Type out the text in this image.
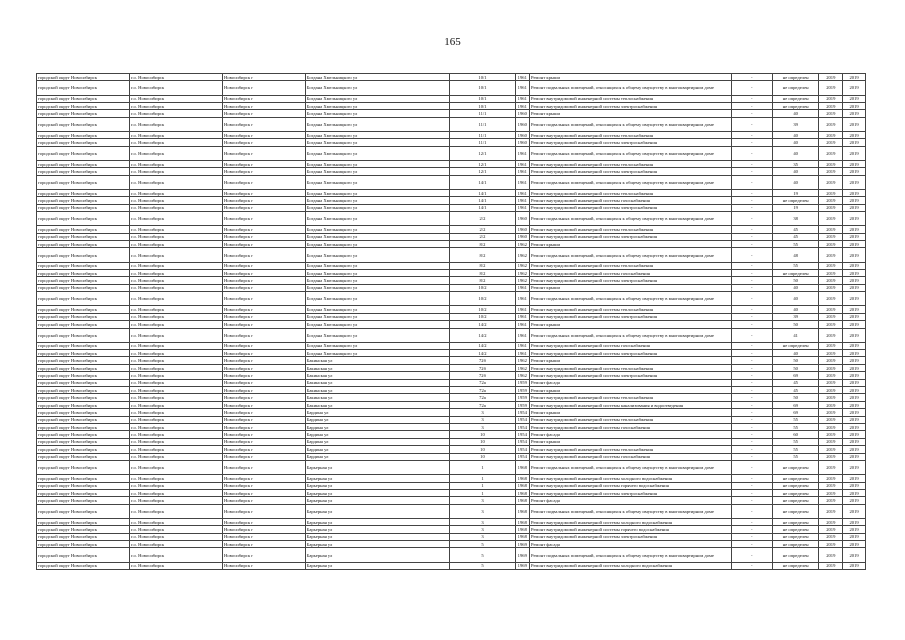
165
городской округ Новосибирск	г.о. Новосибирск	Новосибирск г	Богдана Хмельницкого ул	10/1	1961	Ремонт крыши	-	не определен	2019	2019
городской округ Новосибирск	г.о. Новосибирск	Новосибирск г	Богдана Хмельницкого ул	10/1	1961	Ремонт подвальных помещений, относящихся к общему имуществу в многоквартирном доме	-	не определен	2019	2019
городской округ Новосибирск	г.о. Новосибирск	Новосибирск г	Богдана Хмельницкого ул	10/1	1961	Ремонт внутридомовой инженерной системы теплоснабжения	-	не определен	2019	2019
городской округ Новосибирск	г.о. Новосибирск	Новосибирск г	Богдана Хмельницкого ул	10/1	1961	Ремонт внутридомовой инженерной системы электроснабжения	-	не определен	2019	2019
городской округ Новосибирск	г.о. Новосибирск	Новосибирск г	Богдана Хмельницкого ул	11/1	1960	Ремонт крыши	-	40	2019	2019
городской округ Новосибирск	г.о. Новосибирск	Новосибирск г	Богдана Хмельницкого ул	11/1	1960	Ремонт подвальных помещений, относящихся к общему имуществу в многоквартирном доме	-	39	2019	2019
городской округ Новосибирск	г.о. Новосибирск	Новосибирск г	Богдана Хмельницкого ул	11/1	1960	Ремонт внутридомовой инженерной системы теплоснабжения	-	40	2019	2019
городской округ Новосибирск	г.о. Новосибирск	Новосибирск г	Богдана Хмельницкого ул	11/1	1960	Ремонт внутридомовой инженерной системы электроснабжения	-	40	2019	2019
городской округ Новосибирск	г.о. Новосибирск	Новосибирск г	Богдана Хмельницкого ул	12/1	1961	Ремонт подвальных помещений, относящихся к общему имуществу в многоквартирном доме	-	40	2019	2019
городской округ Новосибирск	г.о. Новосибирск	Новосибирск г	Богдана Хмельницкого ул	12/1	1961	Ремонт внутридомовой инженерной системы теплоснабжения	-	35	2019	2019
городской округ Новосибирск	г.о. Новосибирск	Новосибирск г	Богдана Хмельницкого ул	12/1	1961	Ремонт внутридомовой инженерной системы электроснабжения	-	40	2019	2019
городской округ Новосибирск	г.о. Новосибирск	Новосибирск г	Богдана Хмельницкого ул	14/1	1961	Ремонт подвальных помещений, относящихся к общему имуществу в многоквартирном доме	-	40	2019	2019
городской округ Новосибирск	г.о. Новосибирск	Новосибирск г	Богдана Хмельницкого ул	14/1	1961	Ремонт внутридомовой инженерной системы теплоснабжения	-	19	2019	2019
городской округ Новосибирск	г.о. Новосибирск	Новосибирск г	Богдана Хмельницкого ул	14/1	1961	Ремонт внутридомовой инженерной системы газоснабжения	-	не определен	2019	2019
городской округ Новосибирск	г.о. Новосибирск	Новосибирск г	Богдана Хмельницкого ул	14/1	1961	Ремонт внутридомовой инженерной системы электроснабжения	-	19	2019	2019
городской округ Новосибирск	г.о. Новосибирск	Новосибирск г	Богдана Хмельницкого ул	2/2	1960	Ремонт подвальных помещений, относящихся к общему имуществу в многоквартирном доме	-	38	2019	2019
городской округ Новосибирск	г.о. Новосибирск	Новосибирск г	Богдана Хмельницкого ул	2/2	1960	Ремонт внутридомовой инженерной системы теплоснабжения	-	45	2019	2019
городской округ Новосибирск	г.о. Новосибирск	Новосибирск г	Богдана Хмельницкого ул	2/2	1960	Ремонт внутридомовой инженерной системы электроснабжения	-	45	2019	2019
городской округ Новосибирск	г.о. Новосибирск	Новосибирск г	Богдана Хмельницкого ул	8/2	1962	Ремонт крыши	-	55	2019	2019
городской округ Новосибирск	г.о. Новосибирск	Новосибирск г	Богдана Хмельницкого ул	8/2	1962	Ремонт подвальных помещений, относящихся к общему имуществу в многоквартирном доме	-	48	2019	2019
городской округ Новосибирск	г.о. Новосибирск	Новосибирск г	Богдана Хмельницкого ул	8/2	1962	Ремонт внутридомовой инженерной системы теплоснабжения	-	55	2019	2019
городской округ Новосибирск	г.о. Новосибирск	Новосибирск г	Богдана Хмельницкого ул	8/2	1962	Ремонт внутридомовой инженерной системы газоснабжения	-	не определен	2019	2019
городской округ Новосибирск	г.о. Новосибирск	Новосибирск г	Богдана Хмельницкого ул	8/2	1962	Ремонт внутридомовой инженерной системы электроснабжения	-	50	2019	2019
городской округ Новосибирск	г.о. Новосибирск	Новосибирск г	Богдана Хмельницкого ул	10/2	1961	Ремонт крыши	-	40	2019	2019
городской округ Новосибирск	г.о. Новосибирск	Новосибирск г	Богдана Хмельницкого ул	10/2	1961	Ремонт подвальных помещений, относящихся к общему имуществу в многоквартирном доме	-	40	2019	2019
городской округ Новосибирск	г.о. Новосибирск	Новосибирск г	Богдана Хмельницкого ул	10/2	1961	Ремонт внутридомовой инженерной системы теплоснабжения	-	40	2019	2019
городской округ Новосибирск	г.о. Новосибирск	Новосибирск г	Богдана Хмельницкого ул	10/2	1961	Ремонт внутридомовой инженерной системы электроснабжения	-	39	2019	2019
городской округ Новосибирск	г.о. Новосибирск	Новосибирск г	Богдана Хмельницкого ул	14/2	1961	Ремонт крыши	-	50	2019	2019
городской округ Новосибирск	г.о. Новосибирск	Новосибирск г	Богдана Хмельницкого ул	14/2	1961	Ремонт подвальных помещений, относящихся к общему имуществу в многоквартирном доме	-	41	2019	2019
городской округ Новосибирск	г.о. Новосибирск	Новосибирск г	Богдана Хмельницкого ул	14/2	1961	Ремонт внутридомовой инженерной системы газоснабжения	-	не определен	2019	2019
городской округ Новосибирск	г.о. Новосибирск	Новосибирск г	Богдана Хмельницкого ул	14/2	1961	Ремонт внутридомовой инженерной системы электроснабжения	-	40	2019	2019
городской округ Новосибирск	г.о. Новосибирск	Новосибирск г	Бакинская ул	72б	1962	Ремонт крыши	-	50	2019	2019
городской округ Новосибирск	г.о. Новосибирск	Новосибирск г	Бакинская ул	72б	1962	Ремонт внутридомовой инженерной системы теплоснабжения	-	50	2019	2019
городской округ Новосибирск	г.о. Новосибирск	Новосибирск г	Бакинская ул	72б	1962	Ремонт внутридомовой инженерной системы электроснабжения	-	69	2019	2019
городской округ Новосибирск	г.о. Новосибирск	Новосибирск г	Бакинская ул	72а	1959	Ремонт фасада	-	45	2019	2019
городской округ Новосибирск	г.о. Новосибирск	Новосибирск г	Бакинская ул	72а	1959	Ремонт крыши	-	45	2019	2019
городской округ Новосибирск	г.о. Новосибирск	Новосибирск г	Бакинская ул	72а	1959	Ремонт внутридомовой инженерной системы теплоснабжения	-	50	2019	2019
городской округ Новосибирск	г.о. Новосибирск	Новосибирск г	Бакинская ул	72а	1959	Ремонт внутридомовой инженерной системы канализования и водоотведения	-	69	2019	2019
городской округ Новосибирск	г.о. Новосибирск	Новосибирск г	Бардина ул	3	1954	Ремонт крыши	-	69	2019	2019
городской округ Новосибирск	г.о. Новосибирск	Новосибирск г	Бардина ул	3	1954	Ремонт внутридомовой инженерной системы теплоснабжения	-	55	2019	2019
городской округ Новосибирск	г.о. Новосибирск	Новосибирск г	Бардина ул	3	1954	Ремонт внутридомовой инженерной системы газоснабжения	-	55	2019	2019
городской округ Новосибирск	г.о. Новосибирск	Новосибирск г	Бардина ул	10	1954	Ремонт фасада	-	60	2019	2019
городской округ Новосибирск	г.о. Новосибирск	Новосибирск г	Бардина ул	10	1954	Ремонт крыши	-	55	2019	2019
городской округ Новосибирск	г.о. Новосибирск	Новосибирск г	Бардина ул	10	1954	Ремонт внутридомовой инженерной системы теплоснабжения	-	55	2019	2019
городской округ Новосибирск	г.о. Новосибирск	Новосибирск г	Бардина ул	10	1954	Ремонт внутридомовой инженерной системы газоснабжения	-	55	2019	2019
городской округ Новосибирск	г.о. Новосибирск	Новосибирск г	Барьерная ул	1	1968	Ремонт подвальных помещений, относящихся к общему имуществу в многоквартирном доме	-	не определен	2019	2019
городской округ Новосибирск	г.о. Новосибирск	Новосибирск г	Барьерная ул	1	1968	Ремонт внутридомовой инженерной системы холодного водоснабжения	-	не определен	2019	2019
городской округ Новосибирск	г.о. Новосибирск	Новосибирск г	Барьерная ул	1	1968	Ремонт внутридомовой инженерной системы горячего водоснабжения	-	не определен	2019	2019
городской округ Новосибирск	г.о. Новосибирск	Новосибирск г	Барьерная ул	1	1968	Ремонт внутридомовой инженерной системы электроснабжения	-	не определен	2019	2019
городской округ Новосибирск	г.о. Новосибирск	Новосибирск г	Барьерная ул	3	1968	Ремонт фасада	-	не определен	2019	2019
городской округ Новосибирск	г.о. Новосибирск	Новосибирск г	Барьерная ул	3	1968	Ремонт подвальных помещений, относящихся к общему имуществу в многоквартирном доме	-	не определен	2019	2019
городской округ Новосибирск	г.о. Новосибирск	Новосибирск г	Барьерная ул	3	1968	Ремонт внутридомовой инженерной системы холодного водоснабжения	-	не определен	2019	2019
городской округ Новосибирск	г.о. Новосибирск	Новосибирск г	Барьерная ул	3	1968	Ремонт внутридомовой инженерной системы горячего водоснабжения	-	не определен	2019	2019
городской округ Новосибирск	г.о. Новосибирск	Новосибирск г	Барьерная ул	3	1968	Ремонт внутридомовой инженерной системы электроснабжения	-	не определен	2019	2019
городской округ Новосибирск	г.о. Новосибирск	Новосибирск г	Барьерная ул	5	1969	Ремонт фасада	-	не определен	2019	2019
городской округ Новосибирск	г.о. Новосибирск	Новосибирск г	Барьерная ул	5	1969	Ремонт подвальных помещений, относящихся к общему имуществу в многоквартирном доме	-	не определен	2019	2019
городской округ Новосибирск	г.о. Новосибирск	Новосибирск г	Барьерная ул	5	1969	Ремонт внутридомовой инженерной системы холодного водоснабжения	-	не определен	2019	2019
